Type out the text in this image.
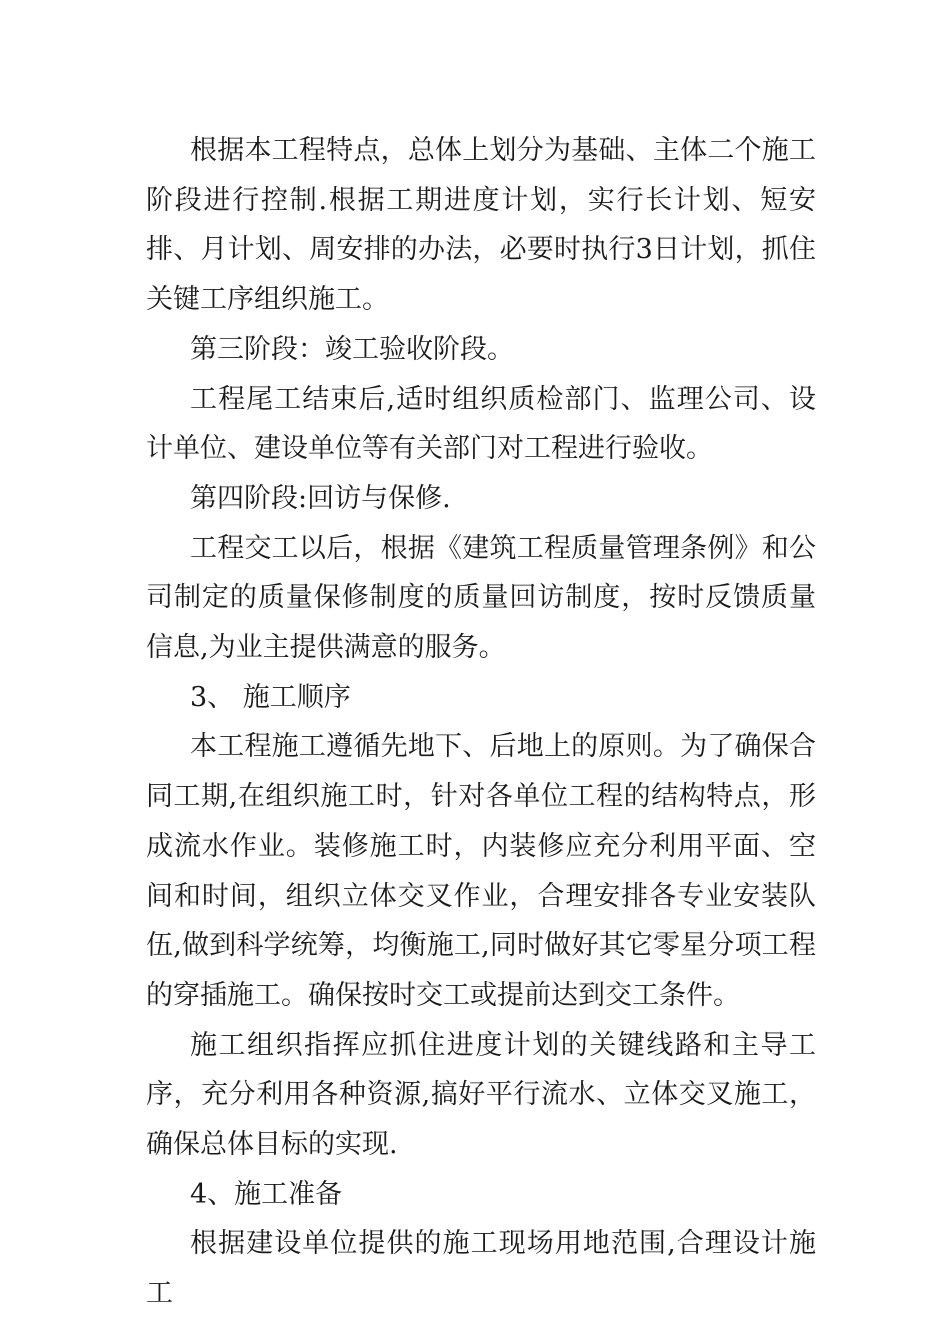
根据本工程特点，总体上划分为基础、主体二个施工阶段进行控制.根据工期进度计划，实行长计划、短安排、月计划、周安排的办法，必要时执行3日计划，抓住关键工序组织施工。

第三阶段：竣工验收阶段。

工程尾工结束后,适时组织质检部门、监理公司、设计单位、建设单位等有关部门对工程进行验收。

第四阶段:回访与保修.

工程交工以后，根据《建筑工程质量管理条例》和公司制定的质量保修制度的质量回访制度，按时反馈质量信息,为业主提供满意的服务。

3、 施工顺序

本工程施工遵循先地下、后地上的原则。为了确保合同工期,在组织施工时，针对各单位工程的结构特点，形成流水作业。装修施工时，内装修应充分利用平面、空间和时间，组织立体交叉作业，合理安排各专业安装队伍,做到科学统筹，均衡施工,同时做好其它零星分项工程的穿插施工。确保按时交工或提前达到交工条件。

施工组织指挥应抓住进度计划的关键线路和主导工序，充分利用各种资源,搞好平行流水、立体交叉施工，确保总体目标的实现.

4、施工准备

根据建设单位提供的施工现场用地范围,合理设计施工
